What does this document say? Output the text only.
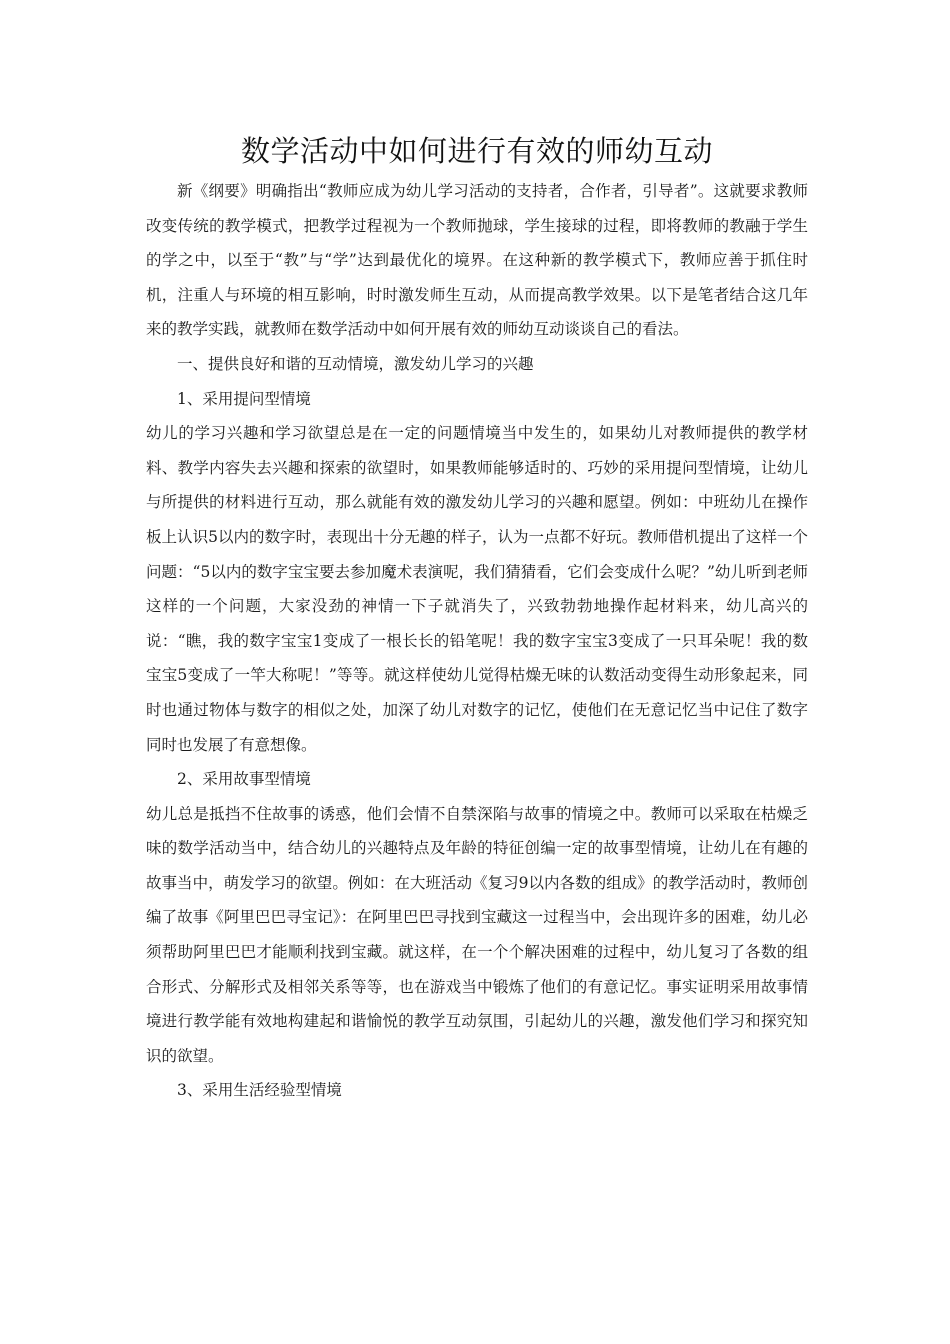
数学活动中如何进行有效的师幼互动

新《纲要》明确指出“教师应成为幼儿学习活动的支持者，合作者，引导者”。这就要求教师改变传统的教学模式，把教学过程视为一个教师抛球，学生接球的过程，即将教师的教融于学生的学之中，以至于“教”与“学”达到最优化的境界。在这种新的教学模式下，教师应善于抓住时机，注重人与环境的相互影响，时时激发师生互动，从而提高教学效果。以下是笔者结合这几年来的教学实践，就教师在数学活动中如何开展有效的师幼互动谈谈自己的看法。

一、提供良好和谐的互动情境，激发幼儿学习的兴趣

1、采用提问型情境

幼儿的学习兴趣和学习欲望总是在一定的问题情境当中发生的，如果幼儿对教师提供的教学材料、教学内容失去兴趣和探索的欲望时，如果教师能够适时的、巧妙的采用提问型情境，让幼儿与所提供的材料进行互动，那么就能有效的激发幼儿学习的兴趣和愿望。例如：中班幼儿在操作板上认识5以内的数字时，表现出十分无趣的样子，认为一点都不好玩。教师借机提出了这样一个问题：“5以内的数字宝宝要去参加魔术表演呢，我们猜猜看，它们会变成什么呢？”幼儿听到老师这样的一个问题，大家没劲的神情一下子就消失了，兴致勃勃地操作起材料来，幼儿高兴的说：“瞧，我的数字宝宝1变成了一根长长的铅笔呢！我的数字宝宝3变成了一只耳朵呢！我的数宝宝5变成了一竿大称呢！”等等。就这样使幼儿觉得枯燥无味的认数活动变得生动形象起来，同时也通过物体与数字的相似之处，加深了幼儿对数字的记忆，使他们在无意记忆当中记住了数字同时也发展了有意想像。

2、采用故事型情境

幼儿总是抵挡不住故事的诱惑，他们会情不自禁深陷与故事的情境之中。教师可以采取在枯燥乏味的数学活动当中，结合幼儿的兴趣特点及年龄的特征创编一定的故事型情境，让幼儿在有趣的故事当中，萌发学习的欲望。例如：在大班活动《复习9以内各数的组成》的教学活动时，教师创编了故事《阿里巴巴寻宝记》：在阿里巴巴寻找到宝藏这一过程当中，会出现许多的困难，幼儿必须帮助阿里巴巴才能顺利找到宝藏。就这样，在一个个解决困难的过程中，幼儿复习了各数的组合形式、分解形式及相邻关系等等，也在游戏当中锻炼了他们的有意记忆。事实证明采用故事情境进行教学能有效地构建起和谐愉悦的教学互动氛围，引起幼儿的兴趣，激发他们学习和探究知识的欲望。

3、采用生活经验型情境
